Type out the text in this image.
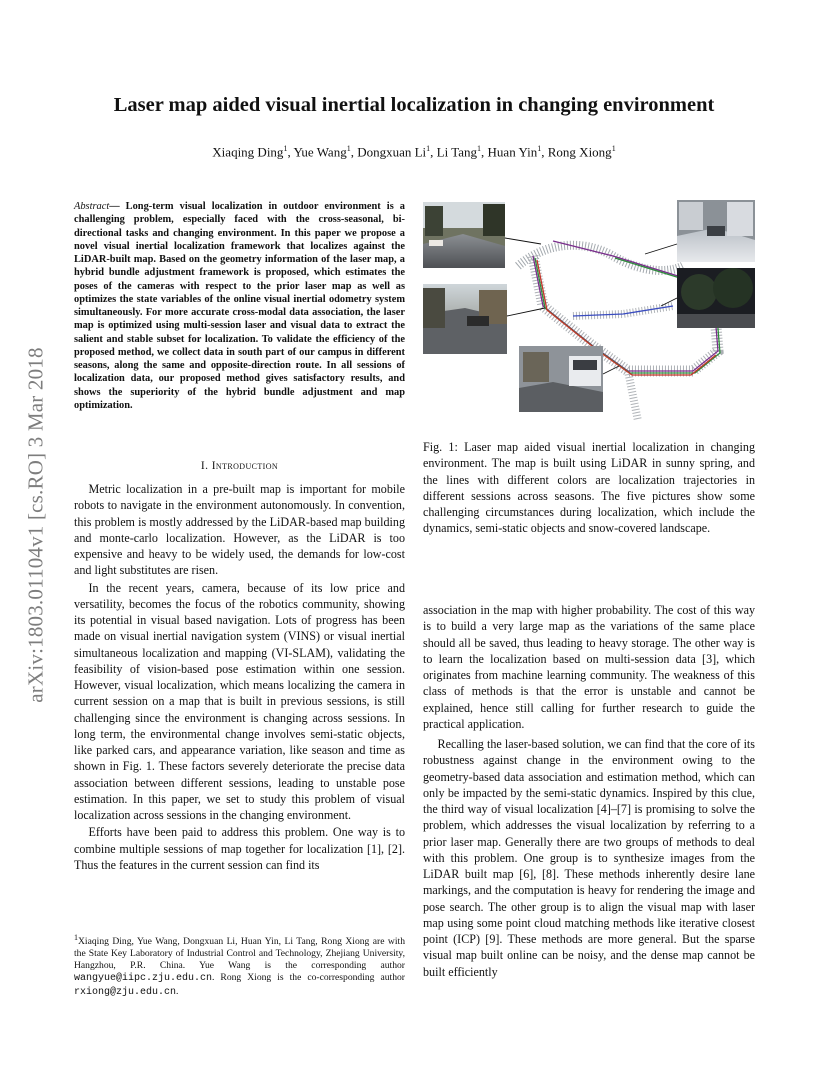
arXiv:1803.01104v1 [cs.RO] 3 Mar 2018
Laser map aided visual inertial localization in changing environment
Xiaqing Ding$^1$, Yue Wang$^1$, Dongxuan Li$^1$, Li Tang$^1$, Huan Yin$^1$, Rong Xiong$^1$
Abstract— Long-term visual localization in outdoor environment is a challenging problem, especially faced with the cross-seasonal, bi-directional tasks and changing environment. In this paper we propose a novel visual inertial localization framework that localizes against the LiDAR-built map. Based on the geometry information of the laser map, a hybrid bundle adjustment framework is proposed, which estimates the poses of the cameras with respect to the prior laser map as well as optimizes the state variables of the online visual inertial odometry system simultaneously. For more accurate cross-modal data association, the laser map is optimized using multi-session laser and visual data to extract the salient and stable subset for localization. To validate the efficiency of the proposed method, we collect data in south part of our campus in different seasons, along the same and opposite-direction route. In all sessions of localization data, our proposed method gives satisfactory results, and shows the superiority of the hybrid bundle adjustment and map optimization.
I. Introduction

Metric localization in a pre-built map is important for mobile robots to navigate in the environment autonomously. In convention, this problem is mostly addressed by the LiDAR-based map building and monte-carlo localization. However, as the LiDAR is too expensive and heavy to be widely used, the demands for low-cost and light substitutes are risen.

In the recent years, camera, because of its low price and versatility, becomes the focus of the robotics community, showing its potential in visual based navigation. Lots of progress has been made on visual inertial navigation system (VINS) or visual inertial simultaneous localization and mapping (VI-SLAM), validating the feasibility of vision-based pose estimation within one session. However, visual localization, which means localizing the camera in current session on a map that is built in previous sessions, is still challenging since the environment is changing across sessions. In long term, the environmental change involves semi-static objects, like parked cars, and appearance variation, like season and time as shown in Fig. 1. These factors severely deteriorate the precise data association between different sessions, leading to unstable pose estimation. In this paper, we set to study this problem of visual localization across sessions in the changing environment.

Efforts have been paid to address this problem. One way is to combine multiple sessions of map together for localization [1], [2]. Thus the features in the current session can find its

$^1$Xiaqing Ding, Yue Wang, Dongxuan Li, Huan Yin, Li Tang, Rong Xiong are with the State Key Laboratory of Industrial Control and Technology, Zhejiang University, Hangzhou, P.R. China. Yue Wang is the corresponding author wangyue@iipc.zju.edu.cn. Rong Xiong is the co-corresponding author rxiong@zju.edu.cn.
Fig. 1: Laser map aided visual inertial localization in changing environment. The map is built using LiDAR in sunny spring, and the lines with different colors are localization trajectories in different sessions across seasons. The five pictures show some challenging circumstances during localization, which include the dynamics, semi-static objects and snow-covered landscape.

association in the map with higher probability. The cost of this way is to build a very large map as the variations of the same place should all be saved, thus leading to heavy storage. The other way is to learn the localization based on multi-session data [3], which originates from machine learning community. The weakness of this class of methods is that the error is unstable and cannot be explained, hence still calling for further research to guide the practical application.

Recalling the laser-based solution, we can find that the core of its robustness against change in the environment owing to the geometry-based data association and estimation method, which can only be impacted by the semi-static dynamics. Inspired by this clue, the third way of visual localization [4]–[7] is promising to solve the problem, which addresses the visual localization by referring to a prior laser map. Generally there are two groups of methods to deal with this problem. One group is to synthesize images from the LiDAR built map [6], [8]. These methods inherently desire lane markings, and the computation is heavy for rendering the image and pose search. The other group is to align the visual map with laser map using some point cloud matching methods like iterative closest point (ICP) [9]. These methods are more general. But the sparse visual map built online can be noisy, and the dense map cannot be built efficiently
